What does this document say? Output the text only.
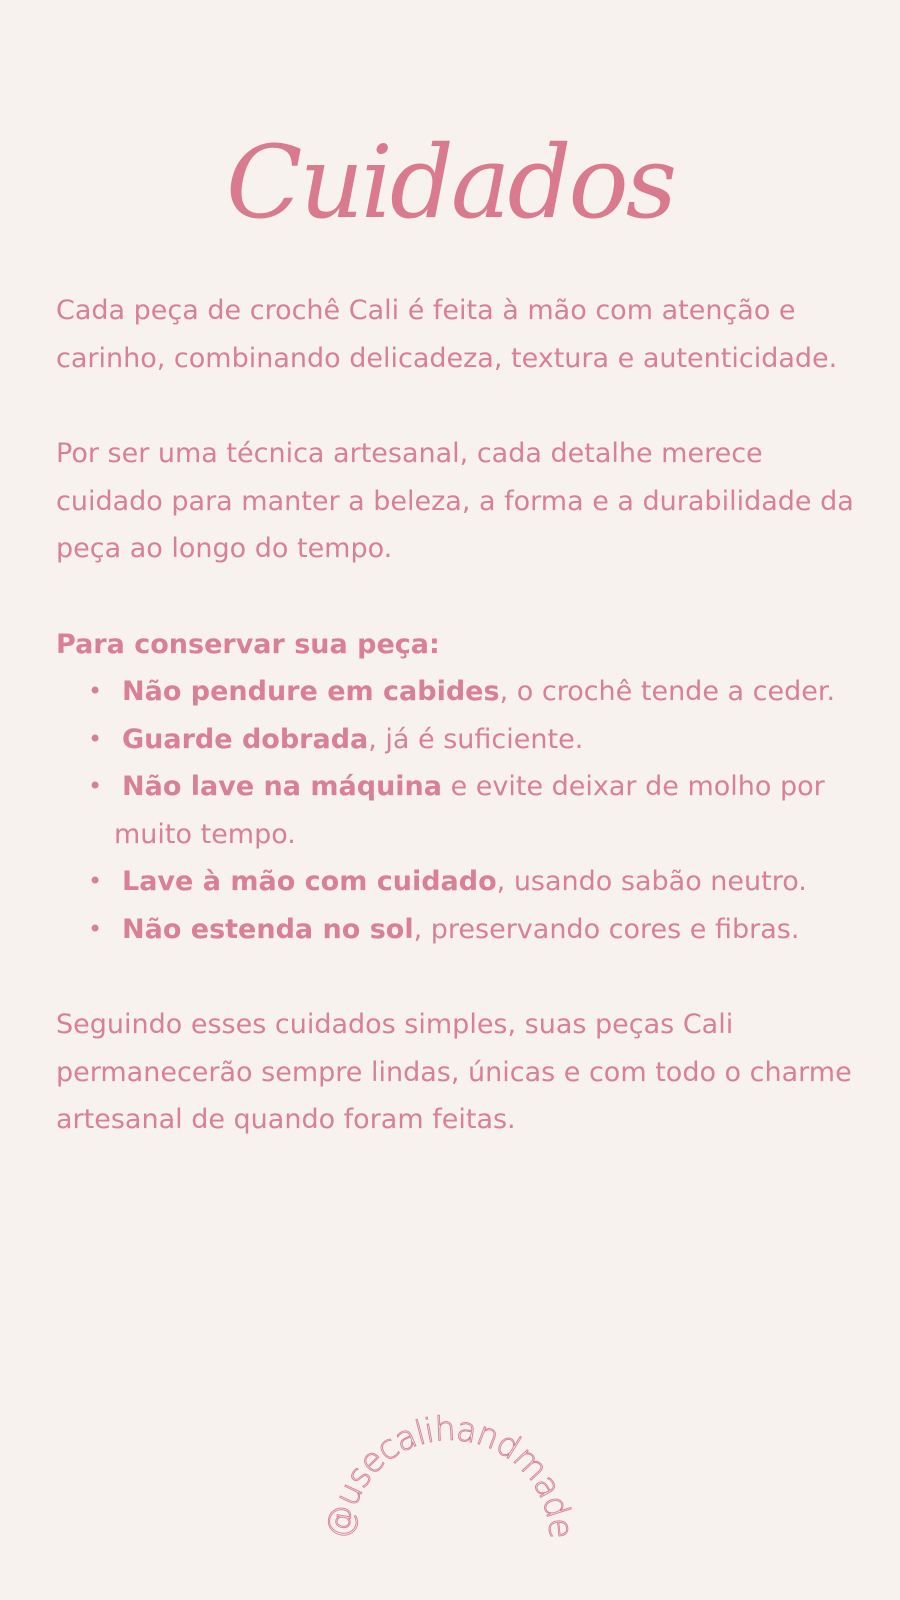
Cuidados

Cada peça de crochê Cali é feita à mão com atenção e carinho, combinando delicadeza, textura e autenticidade.

Por ser uma técnica artesanal, cada detalhe merece cuidado para manter a beleza, a forma e a durabilidade da peça ao longo do tempo.

Para conservar sua peça:

• Não pendure em cabides, o crochê tende a ceder.
• Guarde dobrada, já é suficiente.
• Não lave na máquina e evite deixar de molho por muito tempo.
• Lave à mão com cuidado, usando sabão neutro.
• Não estenda no sol, preservando cores e fibras.

Seguindo esses cuidados simples, suas peças Cali permanecerão sempre lindas, únicas e com todo o charme artesanal de quando foram feitas.

@usecalihandmade
